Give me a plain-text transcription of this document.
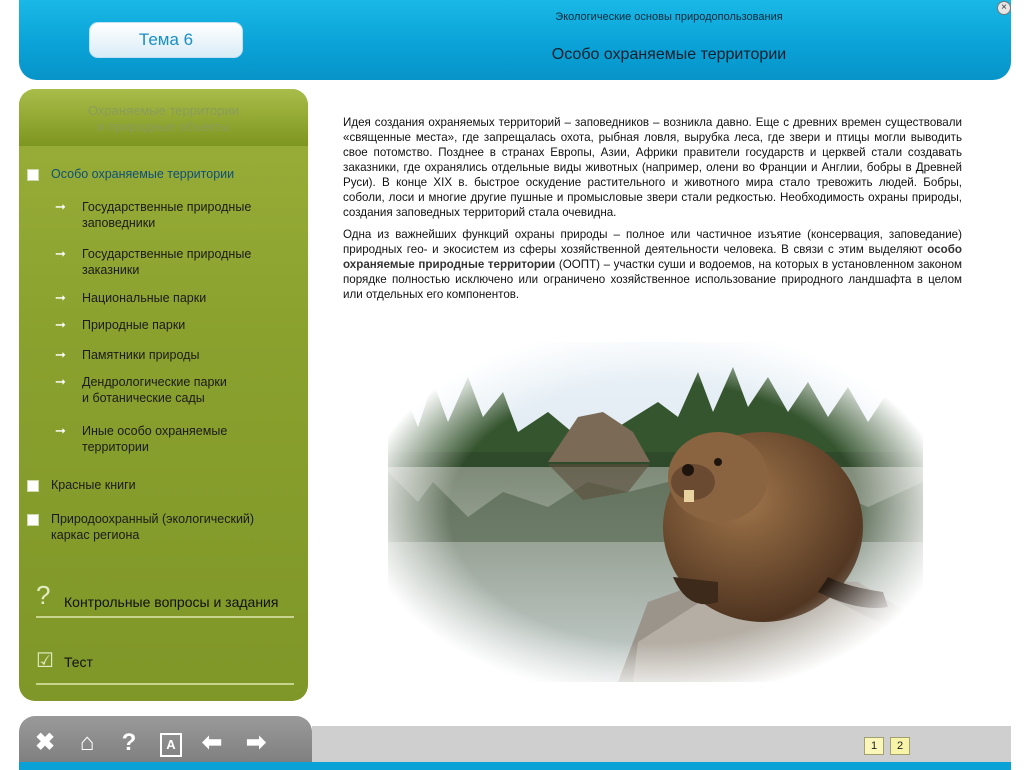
Тема 6
Экологические основы природопользования
Особо охраняемые территории
×
Охраняемые территории
и природные объекты
Особо охраняемые территории
➞ Государственные природные
заповедники
➞ Государственные природные
заказники
➞ Национальные парки
➞ Природные парки
➞ Памятники природы
➞ Дендрологические парки
и ботанические сады
➞ Иные особо охраняемые
территории
Красные книги
Природоохранный (экологический)
каркас региона
? Контрольные вопросы и задания
☑ Тест

Идея создания охраняемых территорий – заповедников – возникла давно. Еще с древних времен существовали «священные места», где запрещалась охота, рыбная ловля, вырубка леса, где звери и птицы могли выводить свое потомство. Позднее в странах Европы, Азии, Африки правители государств и церквей стали создавать заказники, где охранялись отдельные виды животных (например, олени во Франции и Англии, бобры в Древней Руси). В конце XIX в. быстрое оскудение растительного и животного мира стало тревожить людей. Бобры, соболи, лоси и многие другие пушные и промысловые звери стали редкостью. Необходимость охраны природы, создания заповедных территорий стала очевидна.

Одна из важнейших функций охраны природы – полное или частичное изъятие (консервация, заповедание) природных гео- и экосистем из сферы хозяйственной деятельности человека. В связи с этим выделяют особо охраняемые природные территории (ООПТ) – участки суши и водоемов, на которых в установленном законом порядке полностью исключено или ограничено хозяйственное использование природного ландшафта в целом или отдельных его компонентов.

✖	⌂	?	A	⬅ ➡	1	2
